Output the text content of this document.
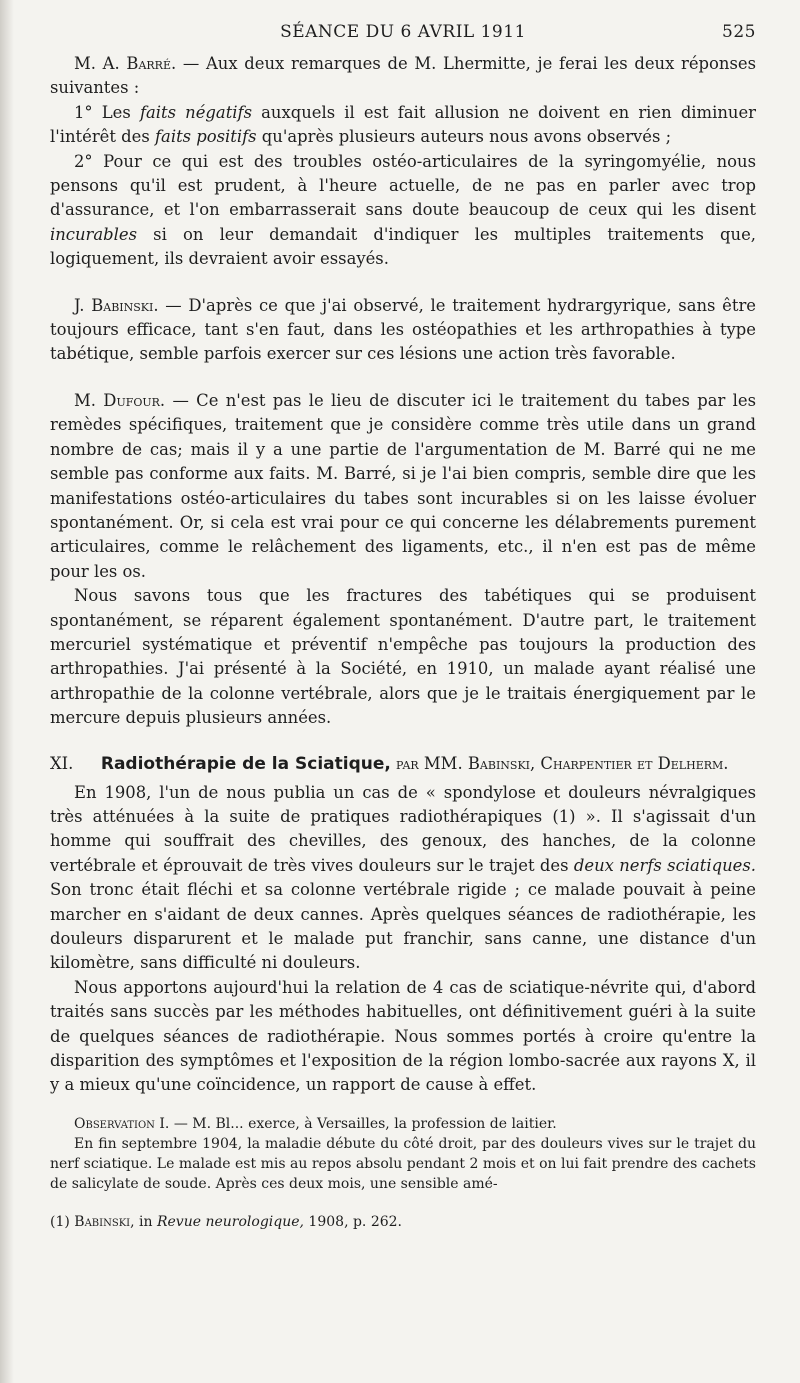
SÉANCE DU 6 AVRIL 1911	525

M. A. Barré. — Aux deux remarques de M. Lhermitte, je ferai les deux réponses suivantes :

1° Les faits négatifs auxquels il est fait allusion ne doivent en rien diminuer l'intérêt des faits positifs qu'après plusieurs auteurs nous avons observés ;

2° Pour ce qui est des troubles ostéo-articulaires de la syringomyélie, nous pensons qu'il est prudent, à l'heure actuelle, de ne pas en parler avec trop d'assurance, et l'on embarrasserait sans doute beaucoup de ceux qui les disent incurables si on leur demandait d'indiquer les multiples traitements que, logiquement, ils devraient avoir essayés.

J. Babinski. — D'après ce que j'ai observé, le traitement hydrargyrique, sans être toujours efficace, tant s'en faut, dans les ostéopathies et les arthropathies à type tabétique, semble parfois exercer sur ces lésions une action très favorable.

M. Dufour. — Ce n'est pas le lieu de discuter ici le traitement du tabes par les remèdes spécifiques, traitement que je considère comme très utile dans un grand nombre de cas; mais il y a une partie de l'argumentation de M. Barré qui ne me semble pas conforme aux faits. M. Barré, si je l'ai bien compris, semble dire que les manifestations ostéo-articulaires du tabes sont incurables si on les laisse évoluer spontanément. Or, si cela est vrai pour ce qui concerne les délabrements purement articulaires, comme le relâchement des ligaments, etc., il n'en est pas de même pour les os.

Nous savons tous que les fractures des tabétiques qui se produisent spontanément, se réparent également spontanément. D'autre part, le traitement mercuriel systématique et préventif n'empêche pas toujours la production des arthropathies. J'ai présenté à la Société, en 1910, un malade ayant réalisé une arthropathie de la colonne vertébrale, alors que je le traitais énergiquement par le mercure depuis plusieurs années.

XI. Radiothérapie de la Sciatique, par MM. Babinski, Charpentier et Delherm.

En 1908, l'un de nous publia un cas de « spondylose et douleurs névralgiques très atténuées à la suite de pratiques radiothérapiques (1) ». Il s'agissait d'un homme qui souffrait des chevilles, des genoux, des hanches, de la colonne vertébrale et éprouvait de très vives douleurs sur le trajet des deux nerfs sciatiques. Son tronc était fléchi et sa colonne vertébrale rigide ; ce malade pouvait à peine marcher en s'aidant de deux cannes. Après quelques séances de radiothérapie, les douleurs disparurent et le malade put franchir, sans canne, une distance d'un kilomètre, sans difficulté ni douleurs.

Nous apportons aujourd'hui la relation de 4 cas de sciatique-névrite qui, d'abord traités sans succès par les méthodes habituelles, ont définitivement guéri à la suite de quelques séances de radiothérapie. Nous sommes portés à croire qu'entre la disparition des symptômes et l'exposition de la région lombo-sacrée aux rayons X, il y a mieux qu'une coïncidence, un rapport de cause à effet.

Observation I. — M. Bl... exerce, à Versailles, la profession de laitier.

En fin septembre 1904, la maladie débute du côté droit, par des douleurs vives sur le trajet du nerf sciatique. Le malade est mis au repos absolu pendant 2 mois et on lui fait prendre des cachets de salicylate de soude. Après ces deux mois, une sensible amé-

(1) Babinski, in Revue neurologique, 1908, p. 262.
